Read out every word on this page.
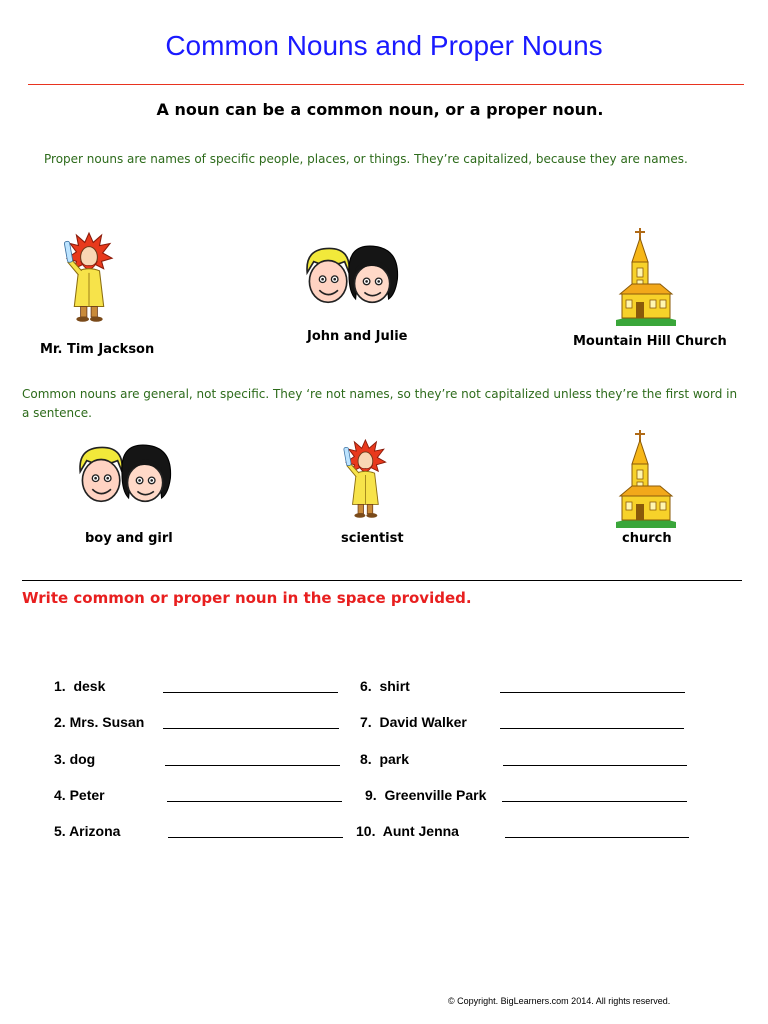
Common Nouns and Proper Nouns
A noun can be a common noun, or a proper noun.
Proper nouns are names of specific people, places, or things. They’re capitalized, because they are names.
Mr. Tim Jackson
John and Julie	Mountain Hill Church
Common nouns are general, not specific. They ‘re not names, so they’re not capitalized unless they’re the first word in a sentence.
boy and girl	scientist	church
Write common or proper noun in the space provided.
1. desk
2. Mrs. Susan
3. dog
4. Peter
5. Arizona
6. shirt
7. David Walker
8. park
9. Greenville Park
10. Aunt Jenna
© Copyright. BigLearners.com 2014. All rights reserved.
